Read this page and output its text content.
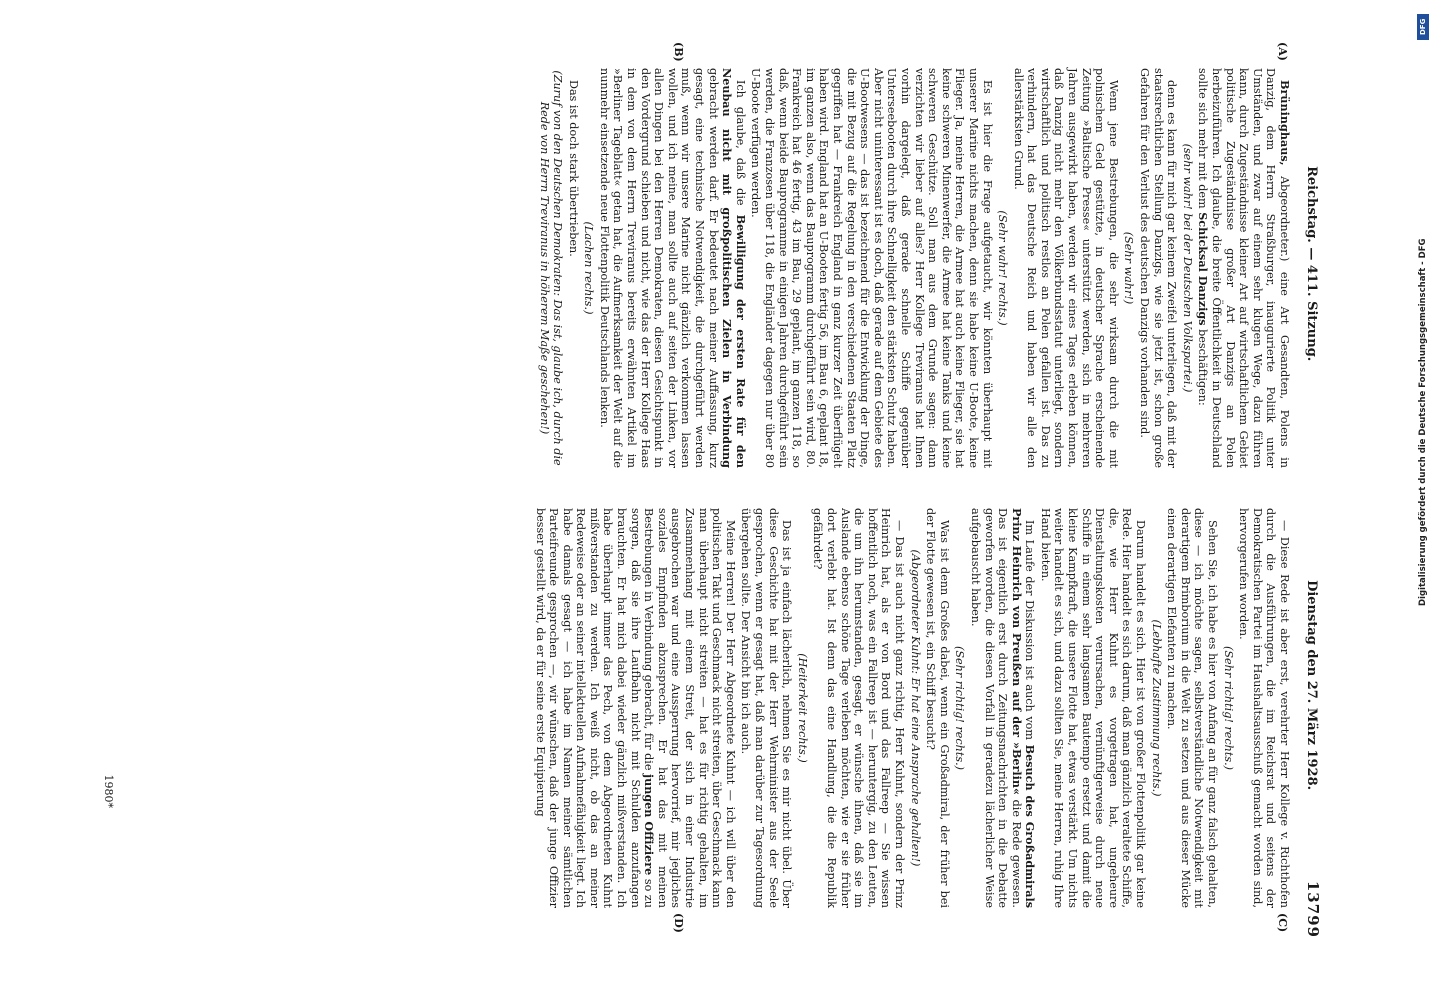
Reichstag. — 411. Sitzung.
Dienstag den 27. März 1928.
13799
(A)
(B)
(C)
(D)

Brüninghaus, Abgeordneter.) eine Art Gesandten, Polens in Danzig, dem Herrn Straßburger, inaugurierte Politik unter Umständen, und zwar auf einem sehr klugen Wege, dazu führen kann, durch Zugeständnisse kleiner Art auf wirtschaftlichem Gebiet politische Zugeständnisse großer Art Danzigs an Polen herbeizuführen. Ich glaube, die breite Öffentlichkeit in Deutschland sollte sich mehr mit dem Schicksal Danzigs beschäftigen:

(sehr wahr! bei der Deutschen Volkspartei.)

denn es kann für mich gar keinem Zweifel unterliegen, daß mit der staatsrechtlichen Stellung Danzigs, wie sie jetzt ist, schon große Gefahren für den Verlust des deutschen Danzigs vorhanden sind.

(Sehr wahr!)

Wenn jene Bestrebungen, die sehr wirksam durch die mit polnischem Geld gestützte, in deutscher Sprache erscheinende Zeitung »Baltische Presse« unterstützt werden, sich in mehreren Jahren ausgewirkt haben, werden wir eines Tages erleben können, daß Danzig nicht mehr den Völkerbundsstatut unterliegt, sondern wirtschaftlich und politisch restlos an Polen gefallen ist. Das zu verhindern, hat das Deutsche Reich und haben wir alle den allerstärksten Grund.

(Sehr wahr! rechts.)

Es ist hier die Frage aufgetaucht, wir könnten überhaupt mit unserer Marine nichts machen, denn sie habe keine U-Boote, keine Flieger. Ja, meine Herren, die Armee hat auch keine Flieger, sie hat keine schweren Minenwerfer, die Armee hat keine Tanks und keine schweren Geschütze. Soll man aus dem Grunde sagen: dann verzichten wir lieber auf alles? Herr Kollege Treviranus hat Ihnen vorhin dargelegt, daß gerade schnelle Schiffe gegenüber Unterseebooten durch ihre Schnelligkeit den stärksten Schutz haben. Aber nicht uninteressant ist es doch, daß gerade auf dem Gebiete des U-Bootwesens — das ist bezeichnend für die Entwicklung der Dinge, die mit Bezug auf die Regelung in den verschiedenen Staaten Platz gegriffen hat — Frankreich England in ganz kurzer Zeit überflügelt haben wird. England hat an U-Booten fertig 56, im Bau 6, geplant 18, im ganzen also, wenn das Bauprogramm durchgeführt sein wird, 80. Frankreich hat 46 fertig, 43 im Bau, 29 geplant, im ganzen 118, so daß, wenn beide Bauprogramme in einigen Jahren durchgeführt sein werden, die Franzosen über 118, die Engländer dagegen nur über 80 U-Boote verfügen werden.

Ich glaube, daß die Bewilligung der ersten Rate für den Neubau nicht mit großpolitischen Zielen in Verbindung gebracht werden darf. Er bedeutet nach meiner Auffassung, kurz gesagt, eine technische Notwendigkeit, die durchgeführt werden muß, wenn wir unsere Marine nicht gänzlich verkommen lassen wollen, und ich meine, man sollte auch auf seiten der Linken, vor allen Dingen bei den Herren Demokraten, diesen Gesichtspunkt in den Vordergrund schieben und nicht, wie das der Herr Kollege Haas in dem von dem Herrn Treviranus bereits erwähnten Artikel im »Berliner Tageblatt« getan hat, die Aufmerksamkeit der Welt auf die nunmehr einsetzende neue Flottenpolitik Deutschlands lenken.

(Lachen rechts.)

Das ist doch stark übertrieben.

(Zuruf von den Deutschen Demokraten: Das ist, glaube ich, durch die Rede von Herrn Treviranus in höherem Maße geschehen!)

— Diese Rede ist aber erst, verehrter Herr Kollege v. Richthofen durch die Ausführungen, die im Reichsrat und seitens der Demokratischen Partei im Haushaltsausschuß gemacht worden sind, hervorgerufen worden.

(Sehr richtig! rechts.)

Sehen Sie, ich habe es hier von Anfang an für ganz falsch gehalten, diese — ich möchte sagen, selbstverständliche Notwendigkeit mit derartigem Brimborium in die Welt zu setzen und aus dieser Mücke einen derartigen Elefanten zu machen.

(Lebhafte Zustimmung rechts.)

Darum handelt es sich. Hier ist von großer Flottenpolitik gar keine Rede. Hier handelt es sich darum, daß man gänzlich veraltete Schiffe, die, wie Herr Kuhnt es vorgetragen hat, ungeheure Dienstaltungskosten verursachen, vernünftigerweise durch neue Schiffe in einem sehr langsamen Bautempo ersetzt und damit die kleine Kampfkraft, die unsere Flotte hat, etwas verstärkt. Um nichts weiter handelt es sich, und dazu sollten Sie, meine Herren, ruhig Ihre Hand bieten.

Im Laufe der Diskussion ist auch vom Besuch des Großadmirals Prinz Heinrich von Preußen auf der »Berlin« die Rede gewesen. Das ist eigentlich erst durch Zeitungsnachrichten in die Debatte geworfen worden, die diesen Vorfall in geradezu lächerlicher Weise aufgebauscht haben.

(Sehr richtig! rechts.)

Was ist denn Großes dabei, wenn ein Großadmiral, der früher bei der Flotte gewesen ist, ein Schiff besucht?

(Abgeordneter Kuhnt: Er hat eine Ansprache gehalten!)

— Das ist auch nicht ganz richtig, Herr Kuhnt, sondern der Prinz Heinrich hat, als er von Bord und das Fallreep — Sie wissen hoffentlich noch, was ein Fallreep ist — heruntergig, zu den Leuten, die um ihn herumstanden, gesagt, er wünsche ihnen, daß sie im Auslande ebenso schöne Tage verleben möchten, wie er sie früher dort verlebt hat. Ist denn das eine Handlung, die die Republik gefährdet?

(Heiterkeit rechts.)

Das ist ja einfach lächerlich, nehmen Sie es mir nicht übel. Über diese Geschichte hat mit der Herr Wehrminister aus der Seele gesprochen, wenn er gesagt hat, daß man darüber zur Tagesordnung übergehen sollte. Der Ansicht bin ich auch.

Meine Herren! Der Herr Abgeordnete Kuhnt — ich will über den politischen Takt und Geschmack nicht streiten, über Geschmack kann man überhaupt nicht streiten — hat es für richtig gehalten, im Zusammenhang mit einem Streit, der sich in einer Industrie ausgebrochen war und eine Aussperrung hervorrief, mir jegliches soziales Empfinden abzusprechen. Er hat das mit meinen Bestrebungen in Verbindung gebracht, für die jungen Offiziere so zu sorgen, daß sie ihre Laufbahn nicht mit Schulden anzufangen brauchten. Er hat mich dabei wieder gänzlich mißverstanden. Ich habe überhaupt immer das Pech, von dem Abgeordneten Kuhnt mißverstanden zu werden. Ich weiß nicht, ob das an meiner Redeweise oder an seiner intellektuellen Aufnahmefähigkeit liegt. Ich habe damals gesagt — ich habe im Namen meiner sämtlichen Parteifreunde gesprochen —, wir wünschen, daß der junge Offizier besser gestellt wird, da er für seine erste Equipierung

1980*
DFG
Digitalisierung gefördert durch die Deutsche Forschungsgemeinschaft - DFG
